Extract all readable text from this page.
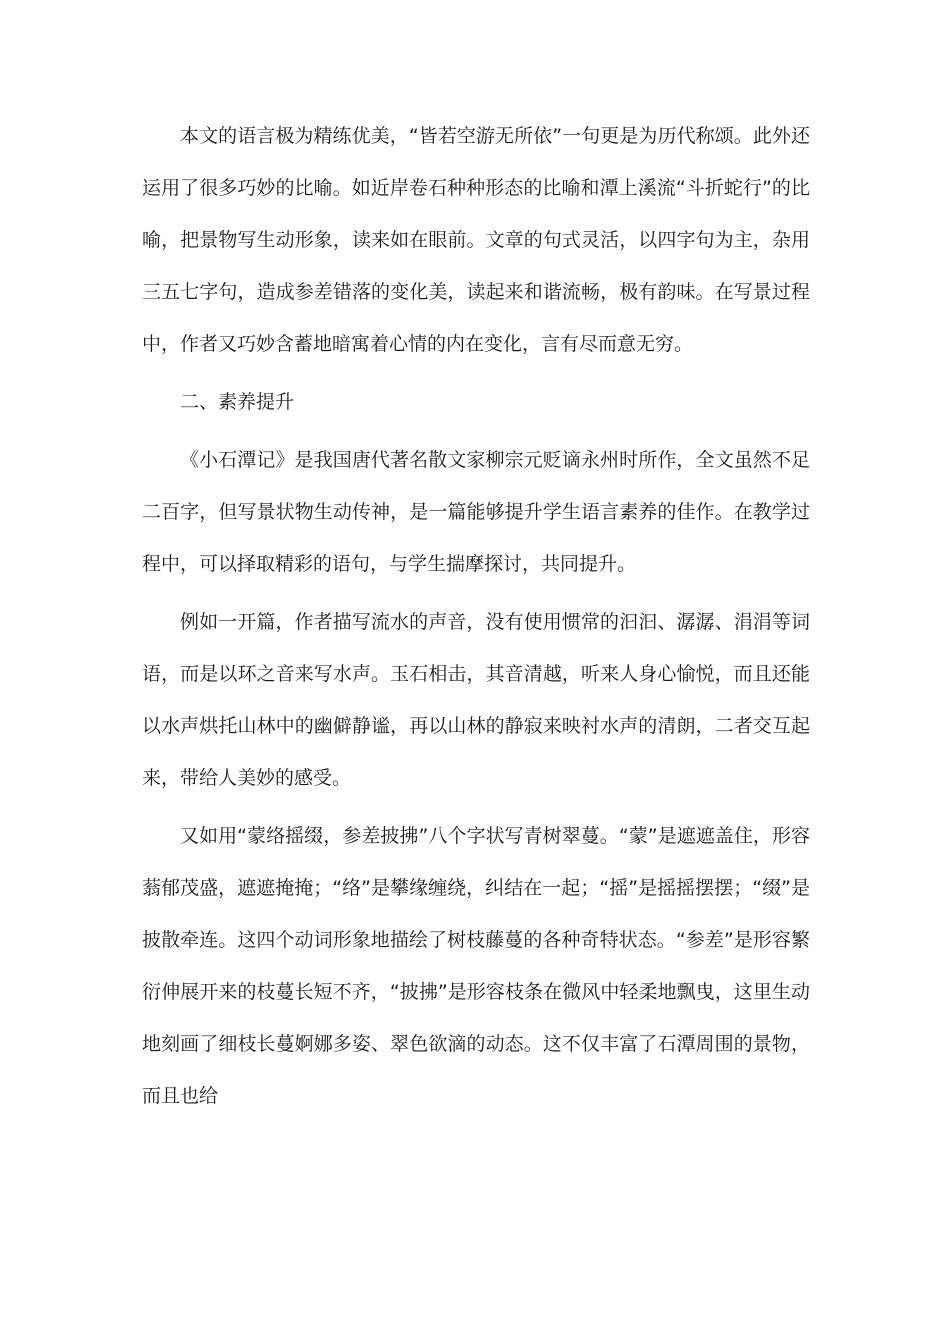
本文的语言极为精练优美，“皆若空游无所依”一句更是为历代称颂。此外还运用了很多巧妙的比喻。如近岸卷石种种形态的比喻和潭上溪流“斗折蛇行”的比喻，把景物写生动形象，读来如在眼前。文章的句式灵活，以四字句为主，杂用三五七字句，造成参差错落的变化美，读起来和谐流畅，极有韵味。在写景过程中，作者又巧妙含蓄地暗寓着心情的内在变化，言有尽而意无穷。

二、素养提升

《小石潭记》是我国唐代著名散文家柳宗元贬谪永州时所作，全文虽然不足二百字，但写景状物生动传神，是一篇能够提升学生语言素养的佳作。在教学过程中，可以择取精彩的语句，与学生揣摩探讨，共同提升。

例如一开篇，作者描写流水的声音，没有使用惯常的汩汩、潺潺、涓涓等词语，而是以环之音来写水声。玉石相击，其音清越，听来人身心愉悦，而且还能以水声烘托山林中的幽僻静谧，再以山林的静寂来映衬水声的清朗，二者交互起来，带给人美妙的感受。

又如用“蒙络摇缀，参差披拂”八个字状写青树翠蔓。“蒙”是遮遮盖住，形容蓊郁茂盛，遮遮掩掩；“络”是攀缘缠绕，纠结在一起；“摇”是摇摇摆摆；“缀”是披散牵连。这四个动词形象地描绘了树枝藤蔓的各种奇特状态。“参差”是形容繁衍伸展开来的枝蔓长短不齐，“披拂”是形容枝条在微风中轻柔地飘曳，这里生动地刻画了细枝长蔓婀娜多姿、翠色欲滴的动态。这不仅丰富了石潭周围的景物，而且也给
